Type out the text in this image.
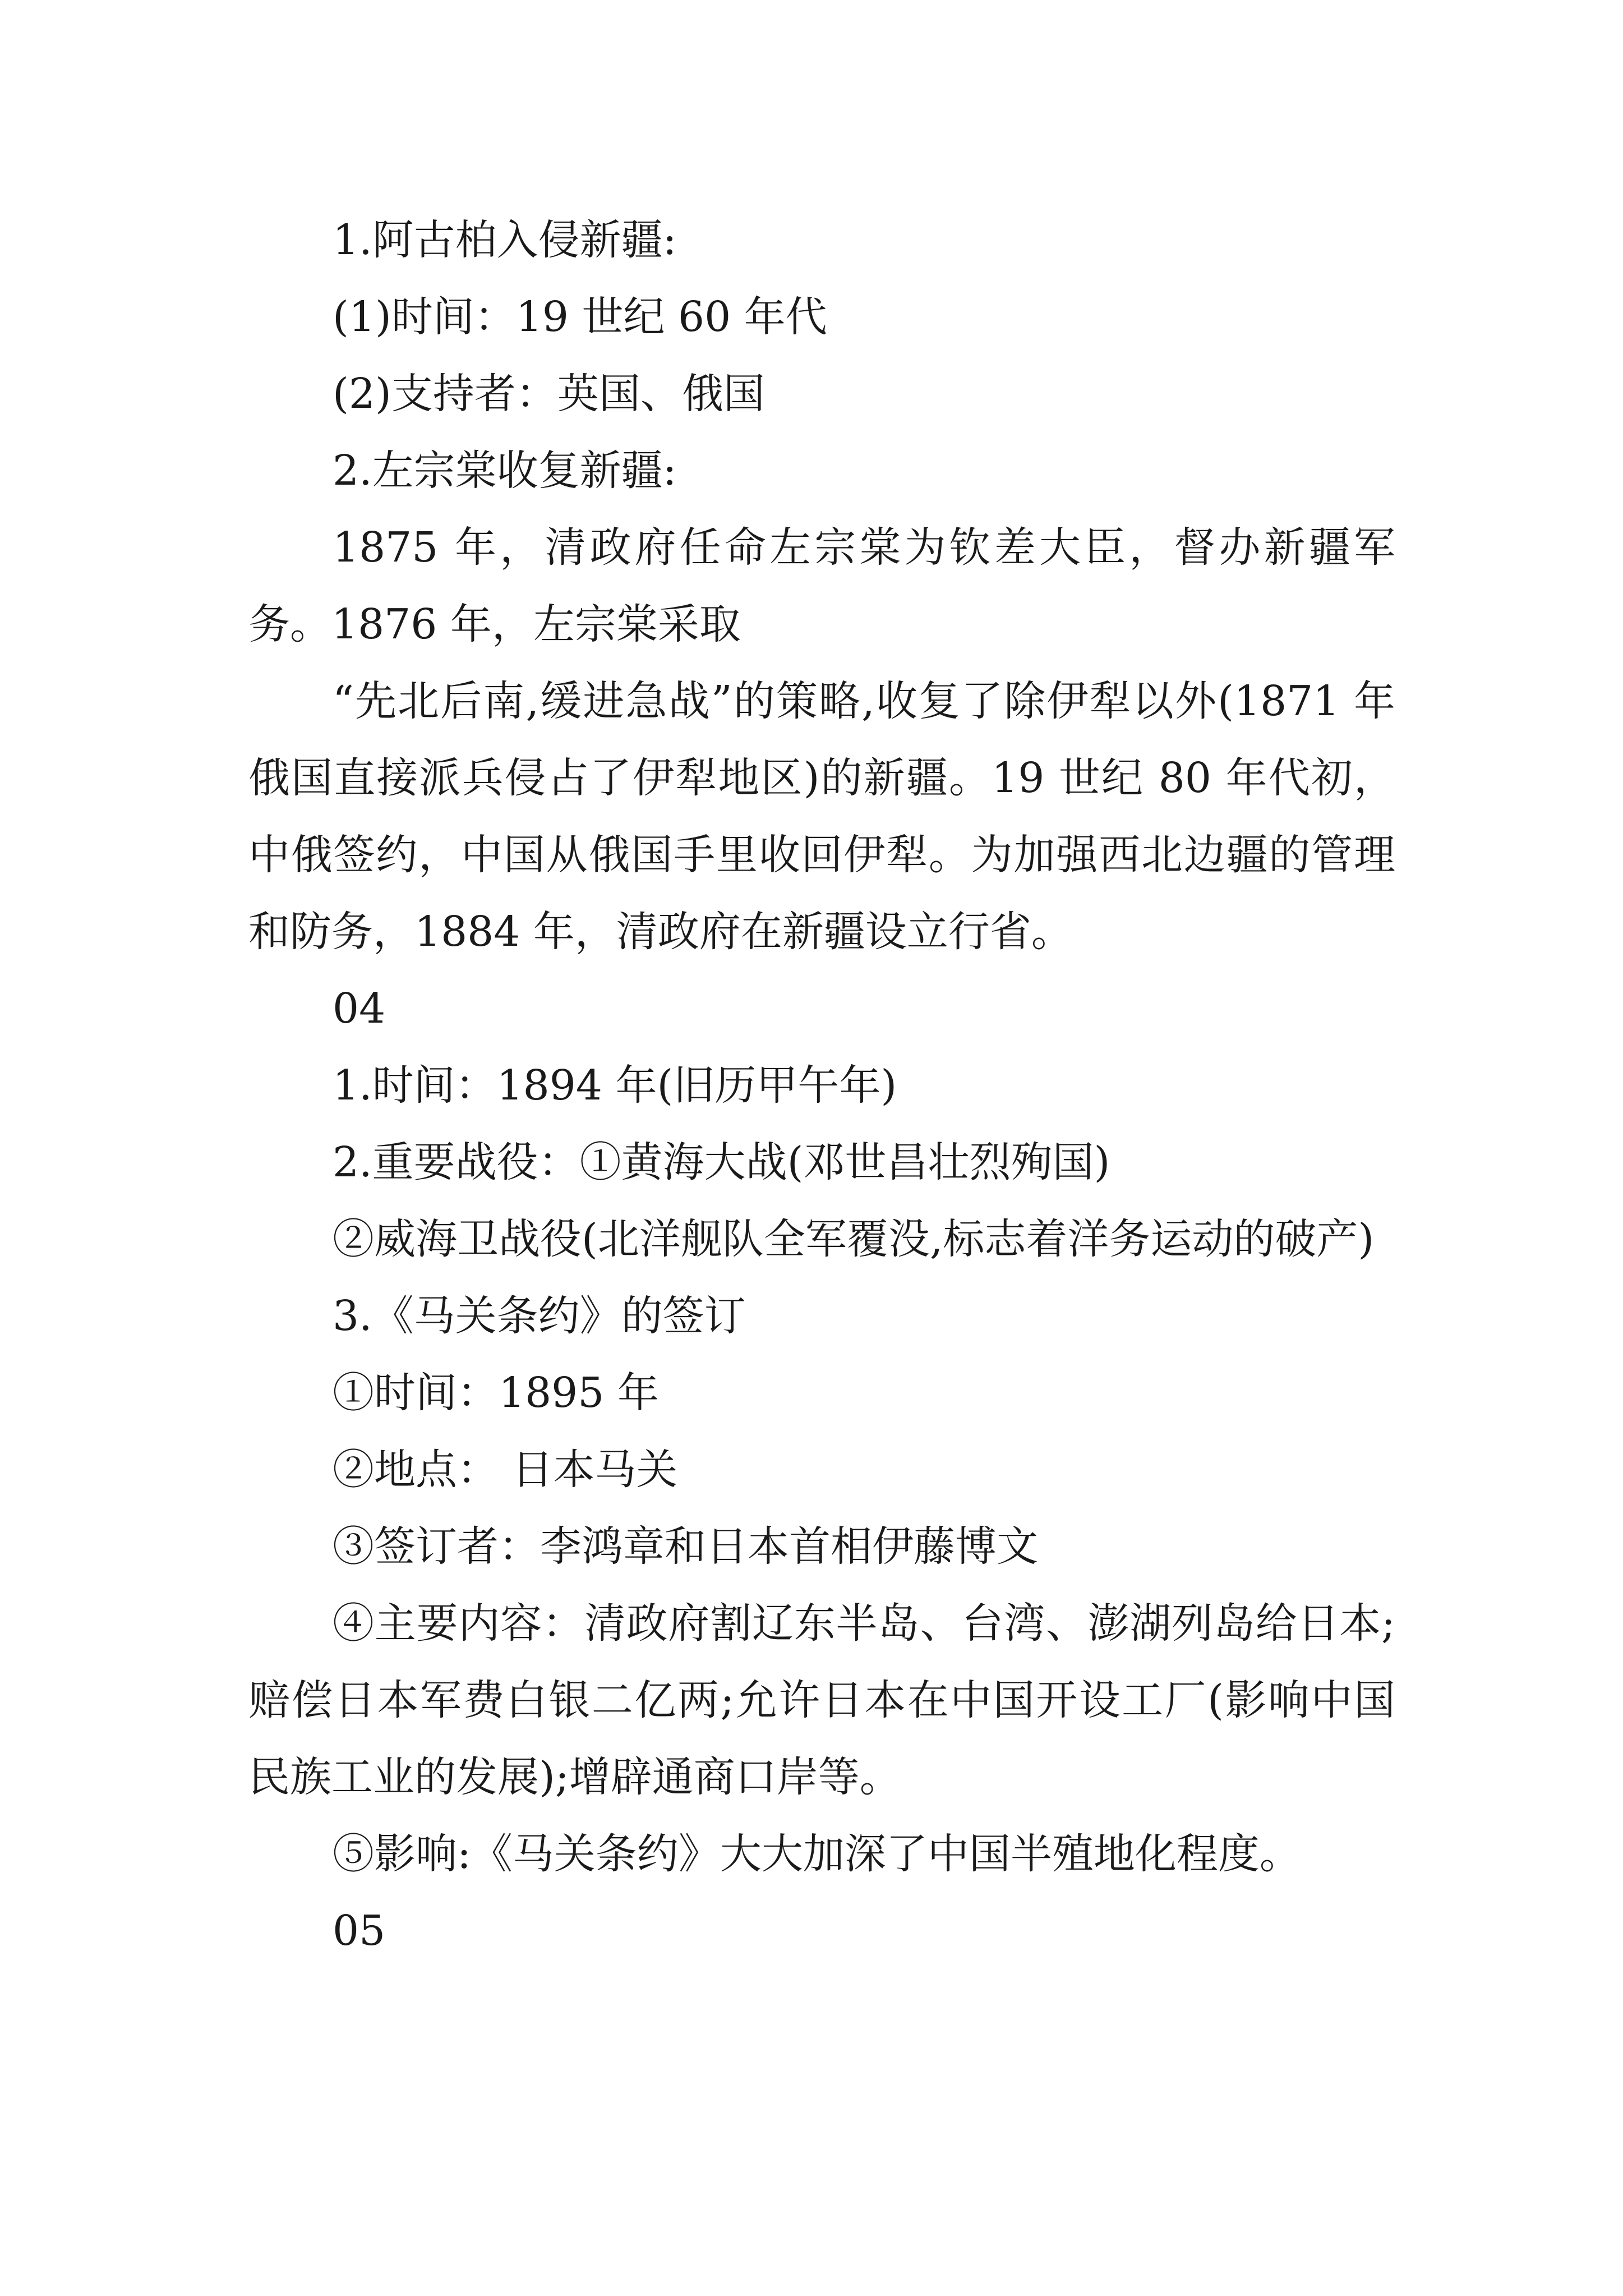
1.阿古柏入侵新疆:

(1)时间：19 世纪 60 年代

(2)支持者：英国、俄国

2.左宗棠收复新疆:

1875 年，清政府任命左宗棠为钦差大臣，督办新疆军务。1876 年，左宗棠采取

“先北后南,缓进急战”的策略,收复了除伊犁以外(1871 年俄国直接派兵侵占了伊犁地区)的新疆。19 世纪 80 年代初，中俄签约，中国从俄国手里收回伊犁。为加强西北边疆的管理和防务，1884 年，清政府在新疆设立行省。

04

1.时间：1894 年(旧历甲午年)

2.重要战役：①黄海大战(邓世昌壮烈殉国)

②威海卫战役(北洋舰队全军覆没,标志着洋务运动的破产)

3.《马关条约》的签订

①时间：1895 年

②地点： 日本马关

③签订者：李鸿章和日本首相伊藤博文

④主要内容：清政府割辽东半岛、台湾、澎湖列岛给日本;赔偿日本军费白银二亿两;允许日本在中国开设工厂(影响中国民族工业的发展);增辟通商口岸等。

⑤影响:《马关条约》大大加深了中国半殖地化程度。

05
